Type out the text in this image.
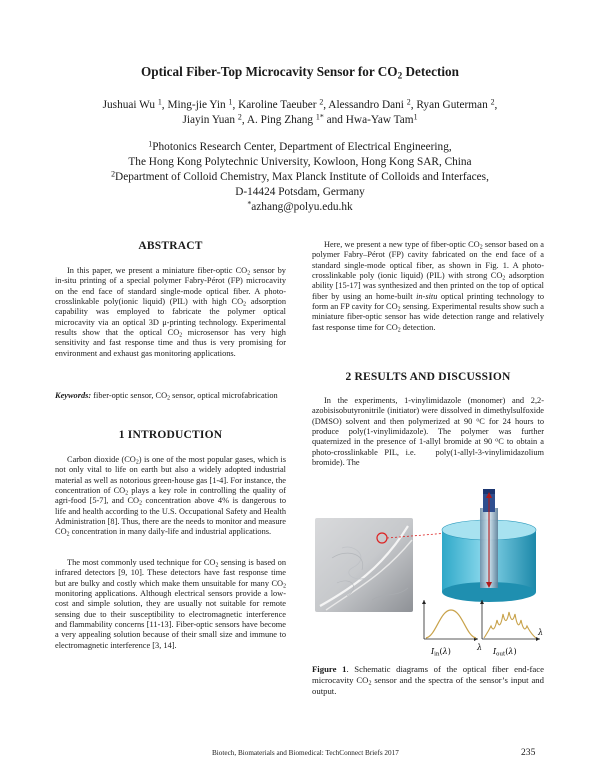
Optical Fiber-Top Microcavity Sensor for $CO_2$ Detection
Jushuai Wu $^1$, Ming-jie Yin $^1$, Karoline Taeuber $^2$, Alessandro Dani $^2$, Ryan Guterman $^2$,
Jiayin Yuan $^2$, A. Ping Zhang $^{1*}$ and Hwa-Yaw Tam$^1$
$^1$Photonics Research Center, Department of Electrical Engineering,
The Hong Kong Polytechnic University, Kowloon, Hong Kong SAR, China
$^2$Department of Colloid Chemistry, Max Planck Institute of Colloids and Interfaces,
D-14424 Potsdam, Germany
*azhang@polyu.edu.hk
ABSTRACT
In this paper, we present a miniature fiber-optic $CO_2$ sensor by in-situ printing of a special polymer Fabry-Pérot (FP) microcavity on the end face of standard single-mode optical fiber. A photo-crosslinkable poly(ionic liquid) (PIL) with high $CO_2$ adsorption capability was employed to fabricate the polymer optical microcavity via an optical 3D μ-printing technology. Experimental results show that the optical $CO_2$ microsensor has very high sensitivity and fast response time and thus is very promising for environment and exhaust gas monitoring applications.
Keywords: fiber-optic sensor, $CO_2$ sensor, optical microfabrication
1 INTRODUCTION
Carbon dioxide $(CO_2)$ is one of the most popular gases, which is not only vital to life on earth but also a widely adopted industrial material as well as notorious green-house gas [1-4]. For instance, the concentration of $CO_2$ plays a key role in controlling the quality of agri-food [5-7], and $CO_2$ concentration above 4% is dangerous to life and health according to the U.S. Occupational Safety and Health Administration [8]. Thus, there are the needs to monitor and measure $CO_2$ concentration in many daily-life and industrial applications.
The most commonly used technique for $CO_2$ sensing is based on infrared detectors [9, 10]. These detectors have fast response time but are bulky and costly which make them unsuitable for many $CO_2$ monitoring applications. Although electrical sensors provide a low-cost and simple solution, they are usually not suitable for remote sensing due to their susceptibility to electromagnetic interference and flammability concerns [11-13]. Fiber-optic sensors have become a very appealing solution because of their small size and immune to electromagnetic interference [3, 14].
Here, we present a new type of fiber-optic $CO_2$ sensor based on a polymer Fabry–Pérot (FP) cavity fabricated on the end face of a standard single-mode optical fiber, as shown in Fig. 1. A photo-crosslinkable poly (ionic liquid) (PIL) with strong $CO_2$ adsorption ability [15-17] was synthesized and then printed on the top of optical fiber by using an home-built in-situ optical printing technology to form an FP cavity for $CO_2$ sensing. Experimental results show such a miniature fiber-optic sensor has wide detection range and relatively fast response time for $CO_2$ detection.
2 RESULTS AND DISCUSSION
In the experiments, 1-vinylimidazole (monomer) and 2,2-azobisisobutyronitrile (initiator) were dissolved in dimethylsulfoxide (DMSO) solvent and then polymerized at 90 $^o$C for 24 hours to produce poly(1-vinylimidazole). The polymer was further quaternized in the presence of 1-allyl bromide at 90 $^o$C to obtain a photo-crosslinkable PIL, i.e.   poly(1-allyl-3-vinylimidazolium bromide). The
λ
λ
Iin(λ)	Iout(λ)
Figure 1. Schematic diagrams of the optical fiber end-face microcavity $CO_2$ sensor and the spectra of the sensor’s input and output.
Biotech, Biomaterials and Biomedical: TechConnect Briefs 2017	235
